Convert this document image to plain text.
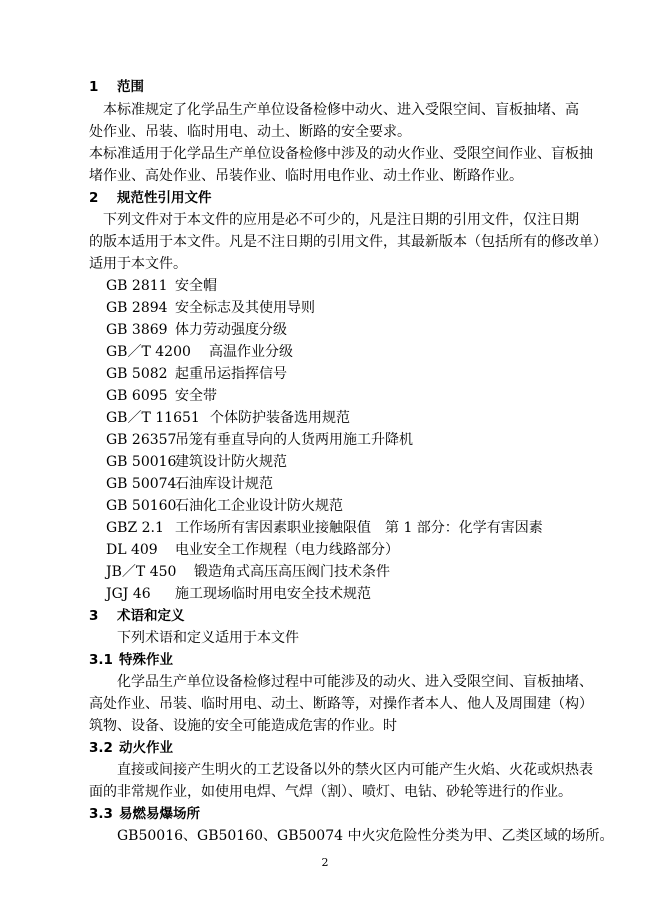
1 范围
本标准规定了化学品生产单位设备检修中动火、进入受限空间、盲板抽堵、高
处作业、吊装、临时用电、动土、断路的安全要求。
本标准适用于化学品生产单位设备检修中涉及的动火作业、受限空间作业、盲板抽
堵作业、高处作业、吊装作业、临时用电作业、动土作业、断路作业。
2 规范性引用文件
下列文件对于本文件的应用是必不可少的，凡是注日期的引用文件，仅注日期
的版本适用于本文件。凡是不注日期的引用文件，其最新版本（包括所有的修改单）
适用于本文件。
GB 2811 安全帽
GB 2894 安全标志及其使用导则
GB 3869 体力劳动强度分级
GB／T 4200 高温作业分级
GB 5082 起重吊运指挥信号
GB 6095 安全带
GB／T 11651 个体防护装备选用规范
GB 26357吊笼有垂直导向的人货两用施工升降机
GB 50016建筑设计防火规范
GB 50074石油库设计规范
GB 50160石油化工企业设计防火规范
GBZ 2.1 工作场所有害因素职业接触限值　第 1 部分：化学有害因素
DL 409 电业安全工作规程（电力线路部分）
JB／T 450 锻造角式高压高压阀门技术条件
JGJ 46 施工现场临时用电安全技术规范
3 术语和定义
下列术语和定义适用于本文件
3.1 特殊作业
化学品生产单位设备检修过程中可能涉及的动火、进入受限空间、盲板抽堵、
高处作业、吊装、临时用电、动土、断路等，对操作者本人、他人及周围建（构）
筑物、设备、设施的安全可能造成危害的作业。时
3.2 动火作业
直接或间接产生明火的工艺设备以外的禁火区内可能产生火焰、火花或炽热表
面的非常规作业，如使用电焊、气焊（割）、喷灯、电钻、砂轮等进行的作业。
3.3 易燃易爆场所
GB50016、GB50160、GB50074 中火灾危险性分类为甲、乙类区域的场所。
2
